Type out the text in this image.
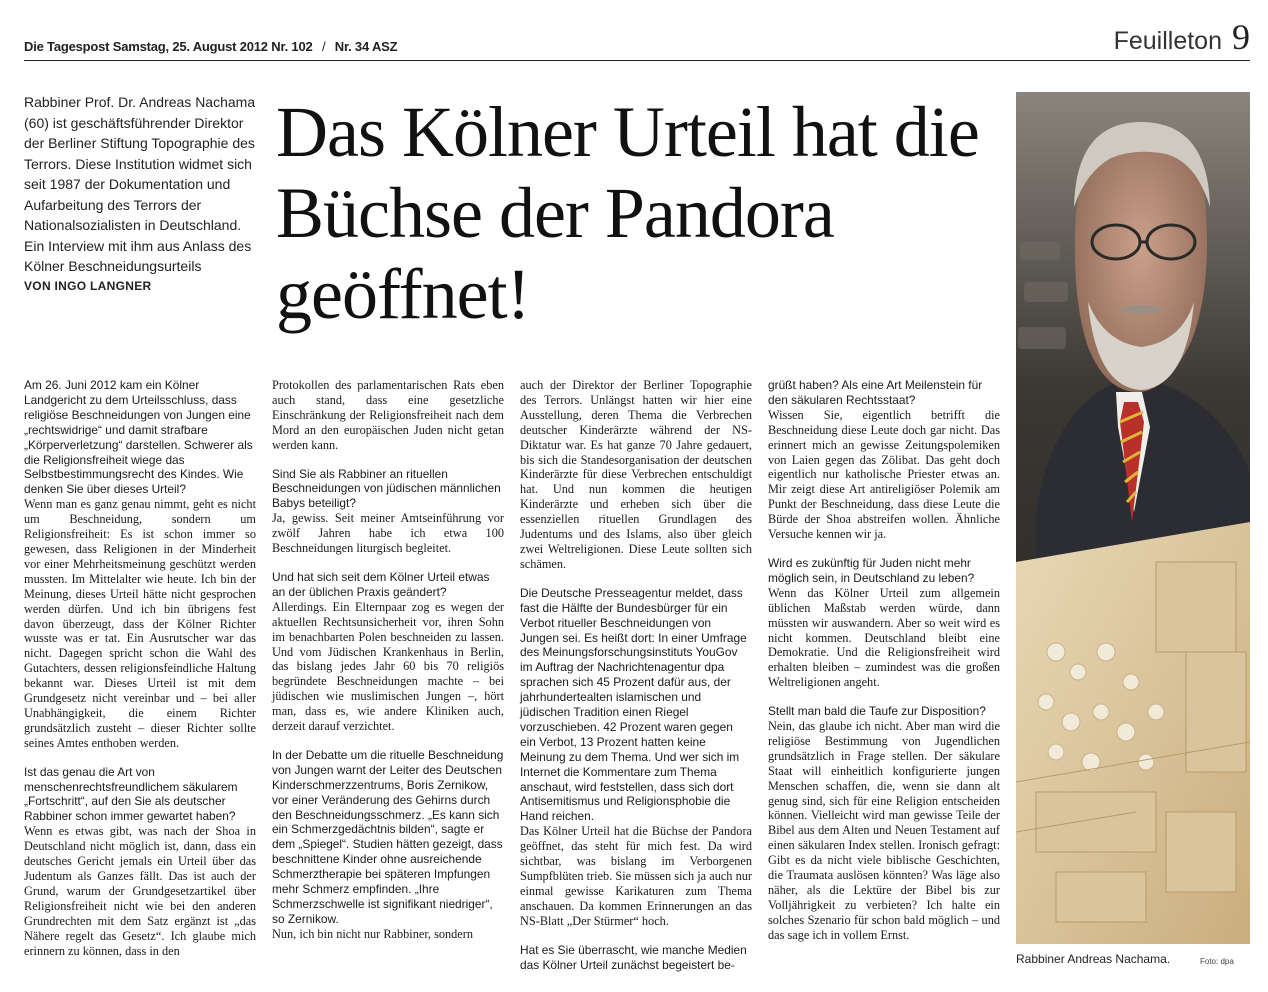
Die Tagespost Samstag, 25. August 2012 Nr. 102 / Nr. 34 ASZ	Feuilleton 9
Rabbiner Prof. Dr. Andreas Nachama (60) ist geschäftsführender Direktor der Berliner Stiftung Topographie des Terrors. Diese Institution widmet sich seit 1987 der Dokumentation und Aufarbeitung des Terrors der Nationalsozialisten in Deutschland. Ein Interview mit ihm aus Anlass des Kölner Beschneidungsurteils
VON INGO LANGNER
Das Kölner Urteil hat die Büchse der Pandora geöffnet!
Rabbiner Andreas Nachama.	Foto: dpa

Am 26. Juni 2012 kam ein Kölner Landgericht zu dem Urteilsschluss, dass religiöse Beschneidungen von Jungen eine „rechtswidrige“ und damit strafbare „Körperverletzung“ darstellen. Schwerer als die Religionsfreiheit wiege das Selbstbestimmungsrecht des Kindes. Wie denken Sie über dieses Urteil?

Wenn man es ganz genau nimmt, geht es nicht um Beschneidung, sondern um Religionsfreiheit: Es ist schon immer so gewesen, dass Religionen in der Minderheit vor einer Mehrheitsmeinung geschützt werden mussten. Im Mittelalter wie heute. Ich bin der Meinung, dieses Urteil hätte nicht gesprochen werden dürfen. Und ich bin übrigens fest davon überzeugt, dass der Kölner Richter wusste was er tat. Ein Ausrutscher war das nicht. Dagegen spricht schon die Wahl des Gutachters, dessen religionsfeindliche Haltung bekannt war. Dieses Urteil ist mit dem Grundgesetz nicht vereinbar und – bei aller Unabhängigkeit, die einem Richter grundsätzlich zusteht – dieser Richter sollte seines Amtes enthoben werden.

Ist das genau die Art von menschenrechtsfreundlichem säkularem „Fortschritt“, auf den Sie als deutscher Rabbiner schon immer gewartet haben?

Wenn es etwas gibt, was nach der Shoa in Deutschland nicht möglich ist, dann, dass ein deutsches Gericht jemals ein Urteil über das Judentum als Ganzes fällt. Das ist auch der Grund, warum der Grundgesetzartikel über Religionsfreiheit nicht wie bei den anderen Grundrechten mit dem Satz ergänzt ist „das Nähere regelt das Gesetz“. Ich glaube mich erinnern zu können, dass in den

Protokollen des parlamentarischen Rats eben auch stand, dass eine gesetzliche Einschränkung der Religionsfreiheit nach dem Mord an den europäischen Juden nicht getan werden kann.

Sind Sie als Rabbiner an rituellen Beschneidungen von jüdischen männlichen Babys beteiligt?

Ja, gewiss. Seit meiner Amtseinführung vor zwölf Jahren habe ich etwa 100 Beschneidungen liturgisch begleitet.

Und hat sich seit dem Kölner Urteil etwas an der üblichen Praxis geändert?

Allerdings. Ein Elternpaar zog es wegen der aktuellen Rechtsunsicherheit vor, ihren Sohn im benachbarten Polen beschneiden zu lassen. Und vom Jüdischen Krankenhaus in Berlin, das bislang jedes Jahr 60 bis 70 religiös begründete Beschneidungen machte – bei jüdischen wie muslimischen Jungen –, hört man, dass es, wie andere Kliniken auch, derzeit darauf verzichtet.

In der Debatte um die rituelle Beschneidung von Jungen warnt der Leiter des Deutschen Kinderschmerzzentrums, Boris Zernikow, vor einer Veränderung des Gehirns durch den Beschneidungsschmerz. „Es kann sich ein Schmerzgedächtnis bilden“, sagte er dem „Spiegel“. Studien hätten gezeigt, dass beschnittene Kinder ohne ausreichende Schmerztherapie bei späteren Impfungen mehr Schmerz empfinden. „Ihre Schmerzschwelle ist signifikant niedriger“, so Zernikow.

Nun, ich bin nicht nur Rabbiner, sondern

auch der Direktor der Berliner Topographie des Terrors. Unlängst hatten wir hier eine Ausstellung, deren Thema die Verbrechen deutscher Kinderärzte während der NS-Diktatur war. Es hat ganze 70 Jahre gedauert, bis sich die Standesorganisation der deutschen Kinderärzte für diese Verbrechen entschuldigt hat. Und nun kommen die heutigen Kinderärzte und erheben sich über die essenziellen rituellen Grundlagen des Judentums und des Islams, also über gleich zwei Weltreligionen. Diese Leute sollten sich schämen.

Die Deutsche Presseagentur meldet, dass fast die Hälfte der Bundesbürger für ein Verbot ritueller Beschneidungen von Jungen sei. Es heißt dort: In einer Umfrage des Meinungsforschungsinstituts YouGov im Auftrag der Nachrichtenagentur dpa sprachen sich 45 Prozent dafür aus, der jahrhundertealten islamischen und jüdischen Tradition einen Riegel vorzuschieben. 42 Prozent waren gegen ein Verbot, 13 Prozent hatten keine Meinung zu dem Thema. Und wer sich im Internet die Kommentare zum Thema anschaut, wird feststellen, dass sich dort Antisemitismus und Religionsphobie die Hand reichen.

Das Kölner Urteil hat die Büchse der Pandora geöffnet, das steht für mich fest. Da wird sichtbar, was bislang im Verborgenen Sumpfblüten trieb. Sie müssen sich ja auch nur einmal gewisse Karikaturen zum Thema anschauen. Da kommen Erinnerungen an das NS-Blatt „Der Stürmer“ hoch.

Hat es Sie überrascht, wie manche Medien das Kölner Urteil zunächst begeistert be-

grüßt haben? Als eine Art Meilenstein für den säkularen Rechtsstaat?

Wissen Sie, eigentlich betrifft die Beschneidung diese Leute doch gar nicht. Das erinnert mich an gewisse Zeitungspolemiken von Laien gegen das Zölibat. Das geht doch eigentlich nur katholische Priester etwas an. Mir zeigt diese Art antireligiöser Polemik am Punkt der Beschneidung, dass diese Leute die Bürde der Shoa abstreifen wollen. Ähnliche Versuche kennen wir ja.

Wird es zukünftig für Juden nicht mehr möglich sein, in Deutschland zu leben?

Wenn das Kölner Urteil zum allgemein üblichen Maßstab werden würde, dann müssten wir auswandern. Aber so weit wird es nicht kommen. Deutschland bleibt eine Demokratie. Und die Religionsfreiheit wird erhalten bleiben – zumindest was die großen Weltreligionen angeht.

Stellt man bald die Taufe zur Disposition?

Nein, das glaube ich nicht. Aber man wird die religiöse Bestimmung von Jugendlichen grundsätzlich in Frage stellen. Der säkulare Staat will einheitlich konfigurierte jungen Menschen schaffen, die, wenn sie dann alt genug sind, sich für eine Religion entscheiden können. Vielleicht wird man gewisse Teile der Bibel aus dem Alten und Neuen Testament auf einen säkularen Index stellen. Ironisch gefragt: Gibt es da nicht viele biblische Geschichten, die Traumata auslösen könnten? Was läge also näher, als die Lektüre der Bibel bis zur Volljährigkeit zu verbieten? Ich halte ein solches Szenario für schon bald möglich – und das sage ich in vollem Ernst.
